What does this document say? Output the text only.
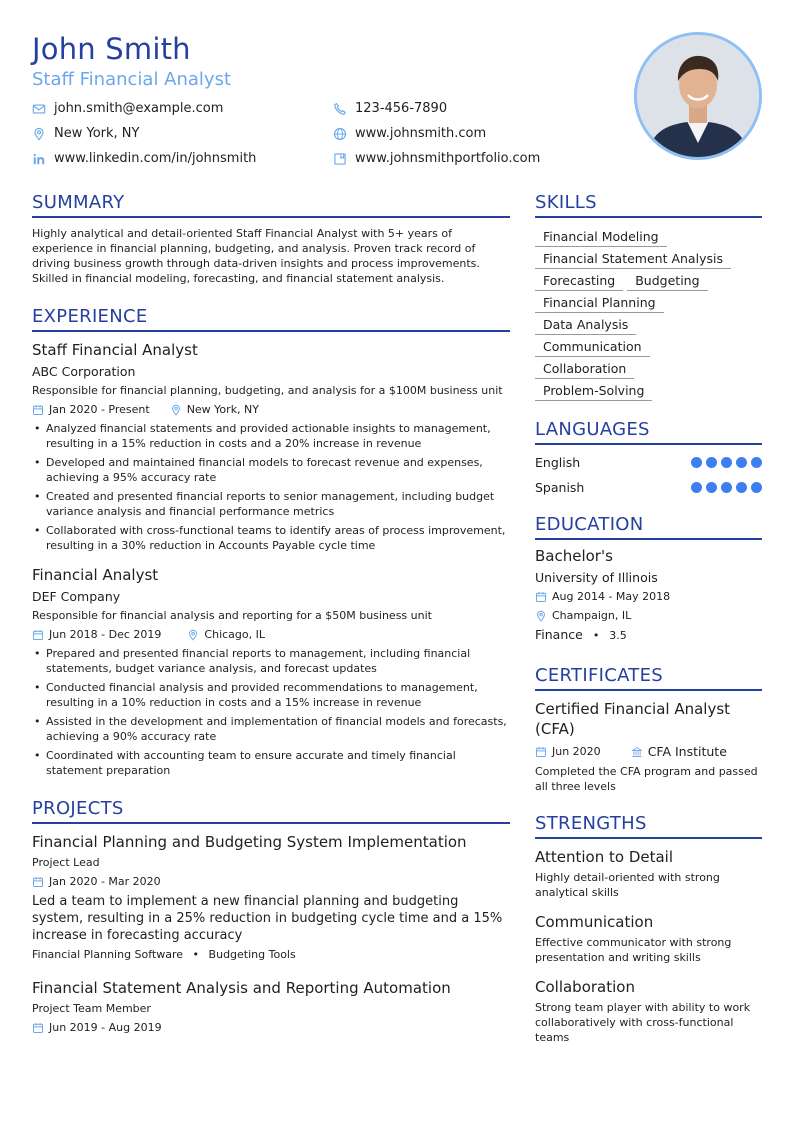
John Smith
Staff Financial Analyst
john.smith@example.com	123-456-7890
New York, NY	www.johnsmith.com
www.linkedin.com/in/johnsmith	www.johnsmithportfolio.com
SUMMARY
Highly analytical and detail-oriented Staff Financial Analyst with 5+ years of experience in financial planning, budgeting, and analysis. Proven track record of driving business growth through data-driven insights and process improvements. Skilled in financial modeling, forecasting, and financial statement analysis.
EXPERIENCE
Staff Financial Analyst
ABC Corporation
Responsible for financial planning, budgeting, and analysis for a $100M business unit
Jan 2020 - Present	New York, NY
• Analyzed financial statements and provided actionable insights to management, resulting in a 15% reduction in costs and a 20% increase in revenue
• Developed and maintained financial models to forecast revenue and expenses, achieving a 95% accuracy rate
• Created and presented financial reports to senior management, including budget variance analysis and financial performance metrics
• Collaborated with cross-functional teams to identify areas of process improvement, resulting in a 30% reduction in Accounts Payable cycle time
Financial Analyst
DEF Company
Responsible for financial analysis and reporting for a $50M business unit
Jun 2018 - Dec 2019	Chicago, IL
• Prepared and presented financial reports to management, including financial statements, budget variance analysis, and forecast updates
• Conducted financial analysis and provided recommendations to management, resulting in a 10% reduction in costs and a 15% increase in revenue
• Assisted in the development and implementation of financial models and forecasts, achieving a 90% accuracy rate
• Coordinated with accounting team to ensure accurate and timely financial statement preparation
PROJECTS
Financial Planning and Budgeting System Implementation
Project Lead
Jan 2020 - Mar 2020
Led a team to implement a new financial planning and budgeting system, resulting in a 25% reduction in budgeting cycle time and a 15% increase in forecasting accuracy
Financial Planning Software • Budgeting Tools
Financial Statement Analysis and Reporting Automation
Project Team Member
Jun 2019 - Aug 2019
SKILLS
Financial Modeling
Financial Statement Analysis
Forecasting Budgeting
Financial Planning
Data Analysis
Communication
Collaboration
Problem-Solving
LANGUAGES
English
Spanish
EDUCATION
Bachelor's
University of Illinois
Aug 2014 - May 2018
Champaign, IL
Finance • 3.5
CERTIFICATES
Certified Financial Analyst (CFA)
Jun 2020	CFA Institute
Completed the CFA program and passed all three levels
STRENGTHS
Attention to Detail
Highly detail-oriented with strong analytical skills
Communication
Effective communicator with strong presentation and writing skills
Collaboration
Strong team player with ability to work collaboratively with cross-functional teams
